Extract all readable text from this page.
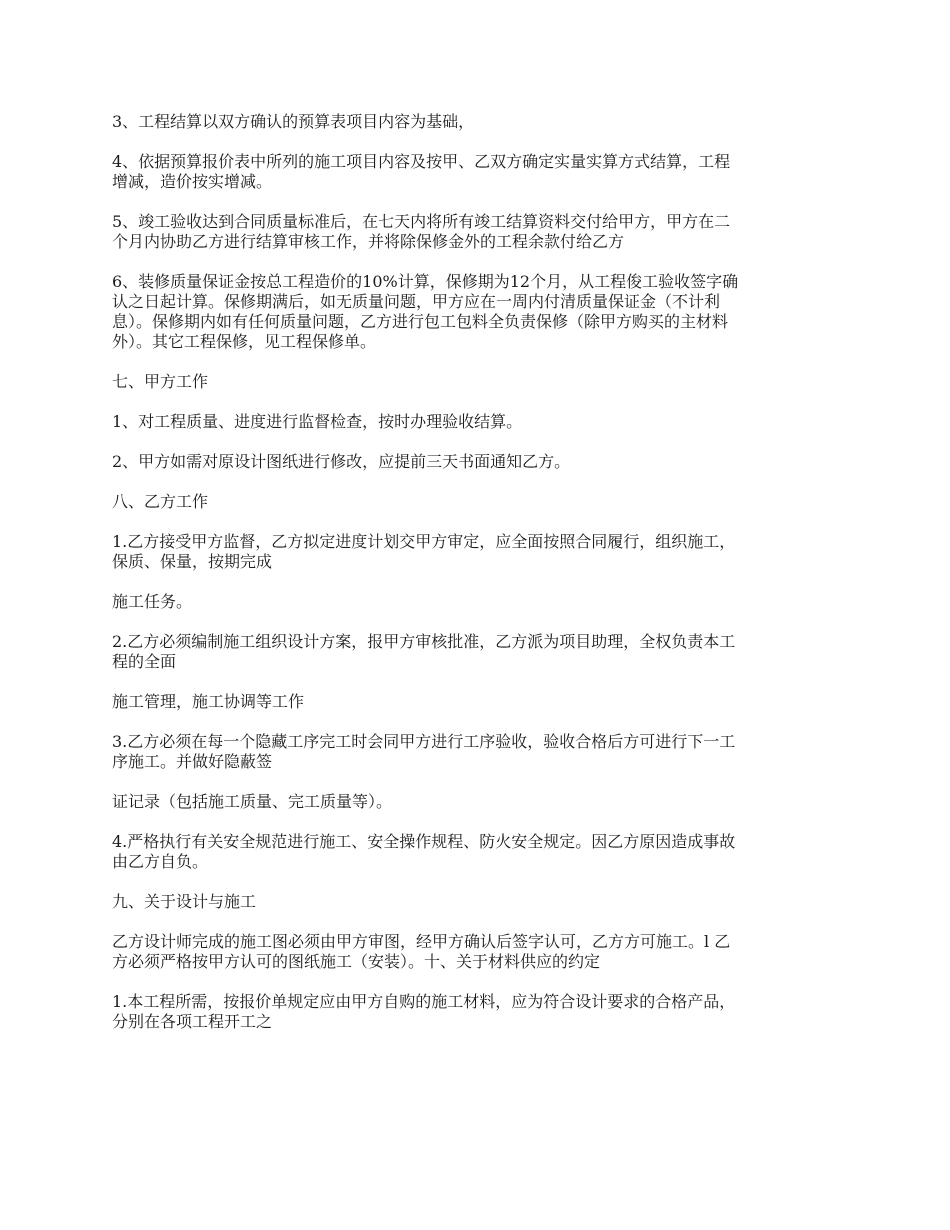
3、工程结算以双方确认的预算表项目内容为基础，

4、依据预算报价表中所列的施工项目内容及按甲、乙双方确定实量实算方式结算，工程
增减，造价按实增减。

5、竣工验收达到合同质量标准后，在七天内将所有竣工结算资料交付给甲方，甲方在二
个月内协助乙方进行结算审核工作，并将除保修金外的工程余款付给乙方

6、装修质量保证金按总工程造价的10%计算，保修期为12个月，从工程俊工验收签字确
认之日起计算。保修期满后，如无质量问题，甲方应在一周内付清质量保证金（不计利
息）。保修期内如有任何质量问题，乙方进行包工包料全负责保修（除甲方购买的主材料
外）。其它工程保修，见工程保修单。

七、甲方工作

1、对工程质量、进度进行监督检查，按时办理验收结算。

2、甲方如需对原设计图纸进行修改，应提前三天书面通知乙方。

八、乙方工作

1.乙方接受甲方监督，乙方拟定进度计划交甲方审定，应全面按照合同履行，组织施工，
保质、保量，按期完成

施工任务。

2.乙方必须编制施工组织设计方案，报甲方审核批准，乙方派为项目助理，全权负责本工
程的全面

施工管理，施工协调等工作

3.乙方必须在每一个隐藏工序完工时会同甲方进行工序验收，验收合格后方可进行下一工
序施工。并做好隐蔽签

证记录（包括施工质量、完工质量等）。

4.严格执行有关安全规范进行施工、安全操作规程、防火安全规定。因乙方原因造成事故
由乙方自负。

九、关于设计与施工

乙方设计师完成的施工图必须由甲方审图，经甲方确认后签字认可，乙方方可施工。l 乙
方必须严格按甲方认可的图纸施工（安装）。十、关于材料供应的约定

1.本工程所需，按报价单规定应由甲方自购的施工材料，应为符合设计要求的合格产品，
分别在各项工程开工之
